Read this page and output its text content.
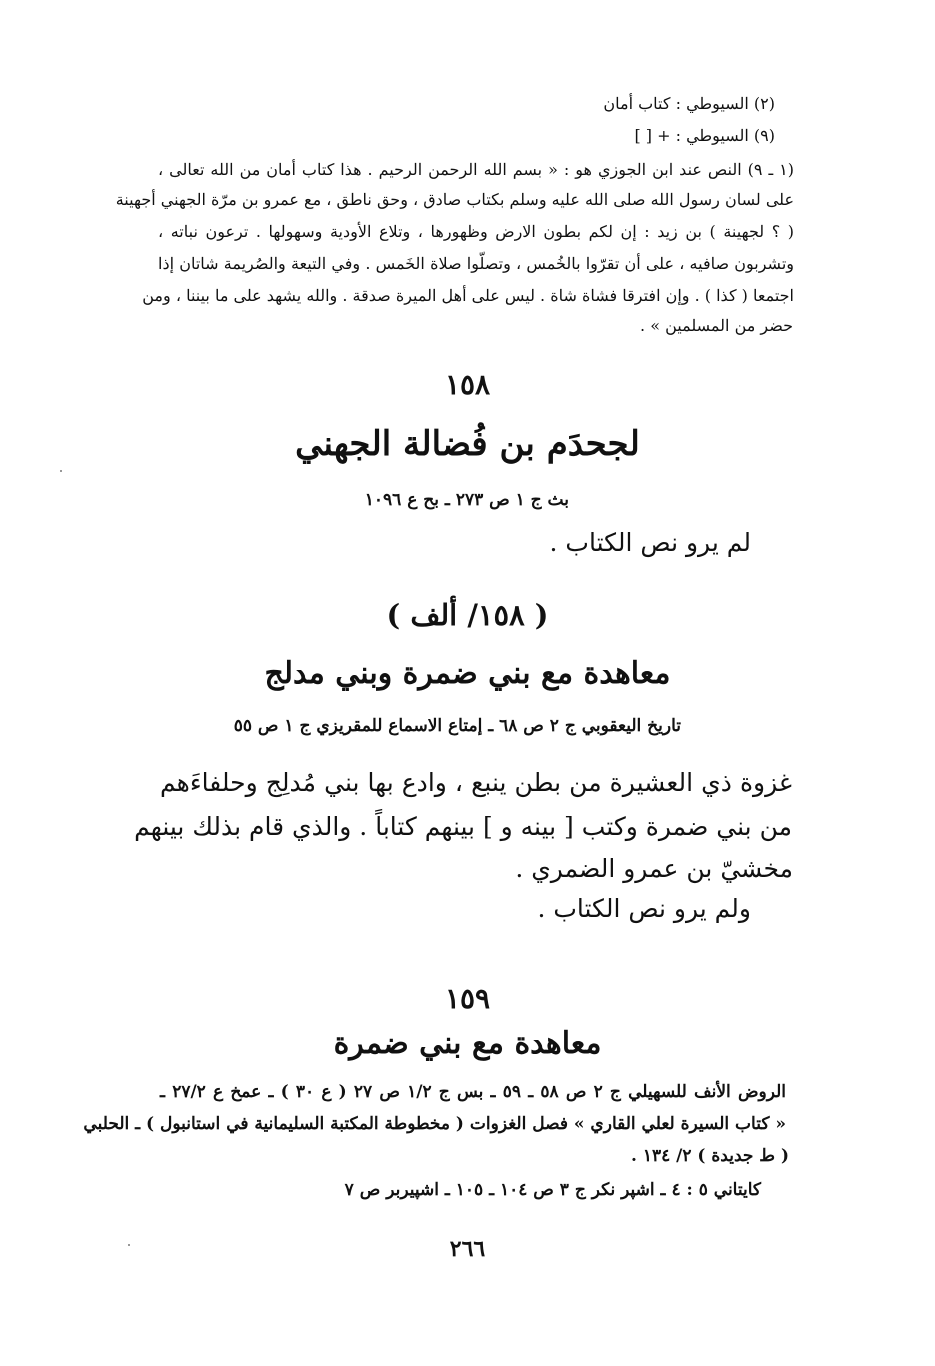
(٢) السيوطي : كتاب أمان
(٩) السيوطي : + [ ]
(١ ـ ٩) النص عند ابن الجوزي هو : « بسم الله الرحمن الرحيم . هذا كتاب أمان من الله تعالى ،
على لسان رسول الله صلى الله عليه وسلم بكتاب صادق ، وحق ناطق ، مع عمرو بن مرّة الجهني أجهينة
( ؟ لجهينة ) بن زيد : إن لكم بطون الارض وظهورها ، وتلاع الأودية وسهولها . ترعون نباته ،
وتشربون صافيه ، على أن تقرّوا بالخُمس ، وتصلّوا صلاة الخَمس . وفي التيعة والصُريمة شاتان إذا
اجتمعا ( كذا ) . وإن افترقا فشاة شاة . ليس على أهل الميرة صدقة . والله يشهد على ما بيننا ، ومن
حضر من المسلمين » .
١٥٨
لجحدَم بن فُضالة الجهني
بث ج ١ ص ٢٧٣ ـ بح ع ١٠٩٦
لم يرو نص الكتاب .
( ١٥٨/ ألف )
معاهدة مع بني ضمرة وبني مدلج
تاريخ اليعقوبي ج ٢ ص ٦٨ ـ إمتاع الاسماع للمقريزي ج ١ ص ٥٥
غزوة ذي العشيرة من بطن ينبع ، وادع بها بني مُدلِج وحلفاءَهم
من بني ضمرة وكتب [ بينه و ] بينهم كتاباً . والذي قام بذلك بينهم
مخشيّ بن عمرو الضمري .
ولم يرو نص الكتاب .
١٥٩
معاهدة مع بني ضمرة
الروض الأنف للسهيلي ج ٢ ص ٥٨ ـ ٥٩ ـ بس ج ١/٢ ص ٢٧ ( ع ٣٠ ) ـ عمخ ع ٢٧/٢ ـ
« كتاب السيرة لعلي القاري » فصل الغزوات ( مخطوطة المكتبة السليمانية في استانبول ) ـ الحلبي
( ط جديدة ) ٢/ ١٣٤ .
كايتاني ٥ : ٤ ـ اشپر نكر ج ٣ ص ١٠٤ ـ ١٠٥ ـ اشپيربر ص ٧
٢٦٦
